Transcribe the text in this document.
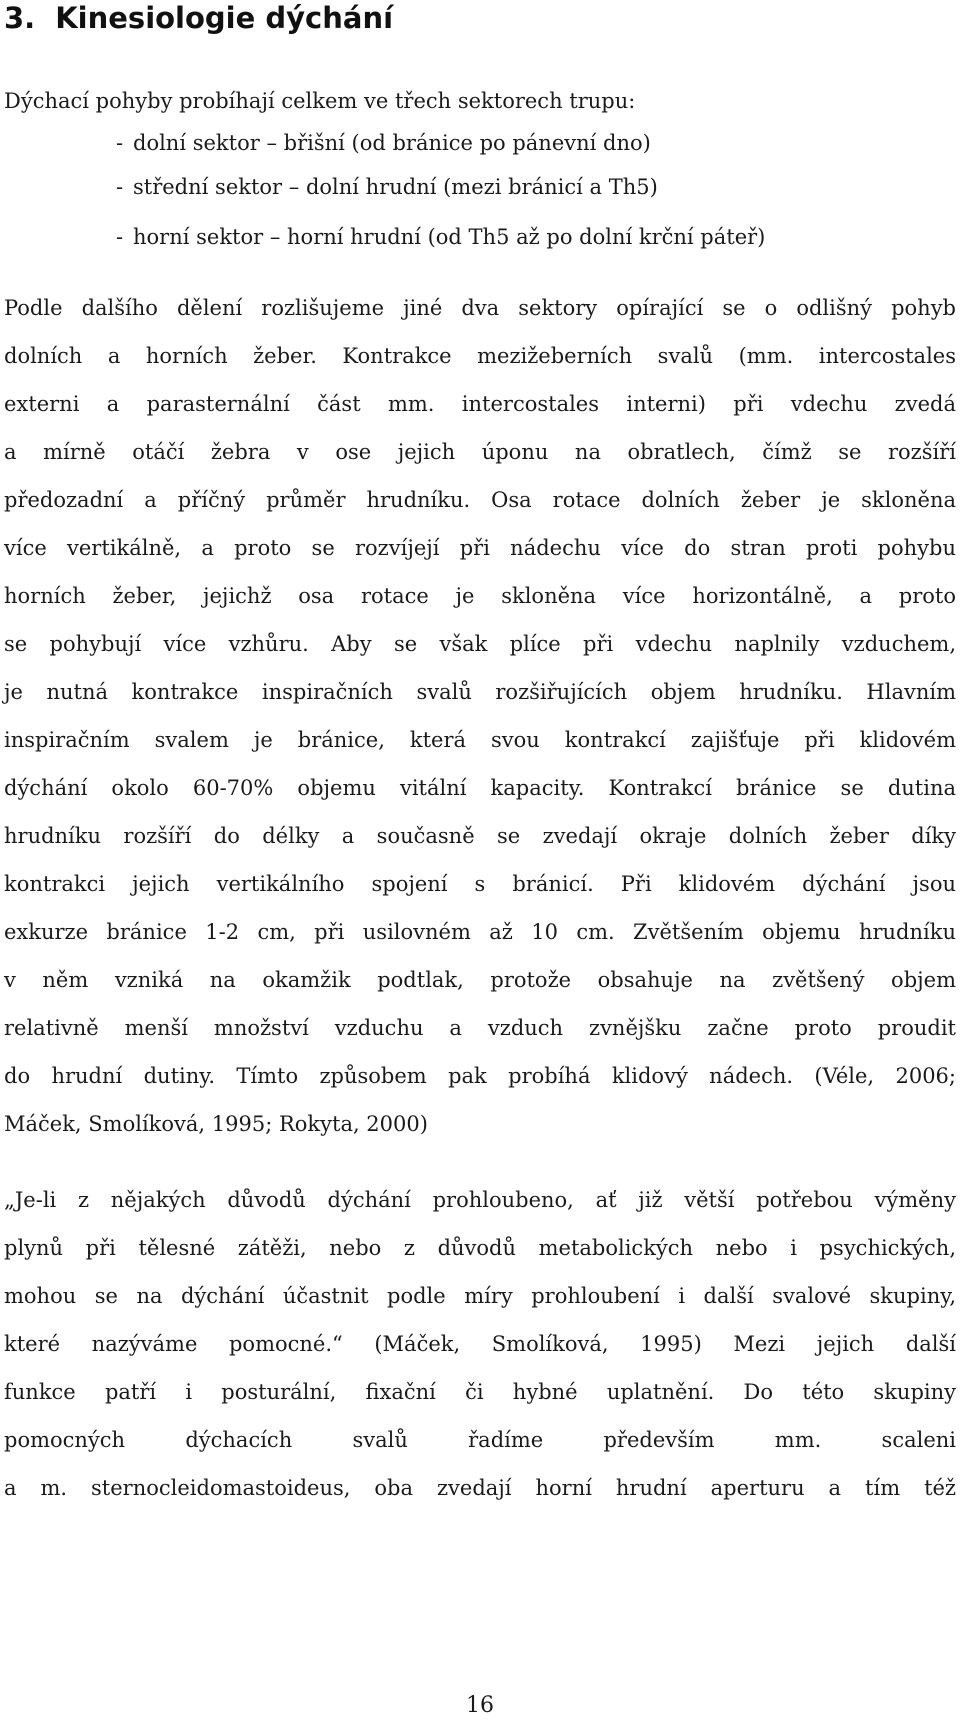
3. Kinesiologie dýchání
Dýchací pohyby probíhají celkem ve třech sektorech trupu:
- dolní sektor – břišní (od bránice po pánevní dno)
- střední sektor – dolní hrudní (mezi bránicí a Th5)
- horní sektor – horní hrudní (od Th5 až po dolní krční páteř)
Podle dalšího dělení rozlišujeme jiné dva sektory opírající se o odlišný pohyb
dolních a horních žeber. Kontrakce mezižeberních svalů (mm. intercostales
externi a parasternální část mm. intercostales interni) při vdechu zvedá
a mírně otáčí žebra v ose jejich úponu na obratlech, čímž se rozšíří
předozadní a příčný průměr hrudníku. Osa rotace dolních žeber je skloněna
více vertikálně, a proto se rozvíjejí při nádechu více do stran proti pohybu
horních žeber, jejichž osa rotace je skloněna více horizontálně, a proto
se pohybují více vzhůru. Aby se však plíce při vdechu naplnily vzduchem,
je nutná kontrakce inspiračních svalů rozšiřujících objem hrudníku. Hlavním
inspiračním svalem je bránice, která svou kontrakcí zajišťuje při klidovém
dýchání okolo 60-70% objemu vitální kapacity. Kontrakcí bránice se dutina
hrudníku rozšíří do délky a současně se zvedají okraje dolních žeber díky
kontrakci jejich vertikálního spojení s bránicí. Při klidovém dýchání jsou
exkurze bránice 1-2 cm, při usilovném až 10 cm. Zvětšením objemu hrudníku
v něm vzniká na okamžik podtlak, protože obsahuje na zvětšený objem
relativně menší množství vzduchu a vzduch zvnějšku začne proto proudit
do hrudní dutiny. Tímto způsobem pak probíhá klidový nádech. (Véle, 2006;
Máček, Smolíková, 1995; Rokyta, 2000)
„Je-li z nějakých důvodů dýchání prohloubeno, ať již větší potřebou výměny
plynů při tělesné zátěži, nebo z důvodů metabolických nebo i psychických,
mohou se na dýchání účastnit podle míry prohloubení i další svalové skupiny,
které nazýváme pomocné.“ (Máček, Smolíková, 1995) Mezi jejich další
funkce patří i posturální, fixační či hybné uplatnění. Do této skupiny
pomocných dýchacích svalů řadíme především mm. scaleni
a m. sternocleidomastoideus, oba zvedají horní hrudní aperturu a tím též
16
